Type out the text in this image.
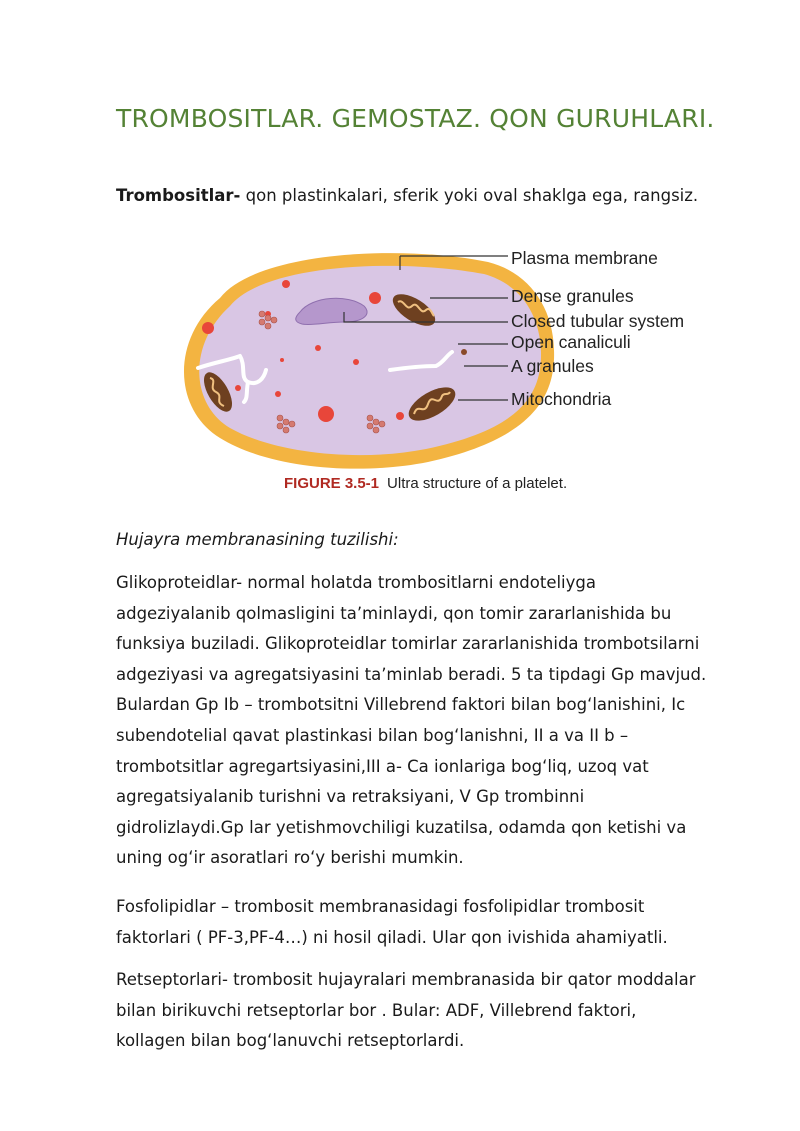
TROMBOSITLAR. GEMOSTAZ. QON GURUHLARI.
Trombositlar- qon plastinkalari, sferik yoki oval shaklga ega, rangsiz.
Plasma membrane
Dense granules
Closed tubular system
Open canaliculi
A granules
Mitochondria
FIGURE 3.5-1 Ultra structure of a platelet.
Hujayra membranasining tuzilishi:
Glikoproteidlar- normal holatda trombositlarni endoteliyga
adgeziyalanib qolmasligini taʼminlaydi, qon tomir zararlanishida bu
funksiya buziladi. Glikoproteidlar tomirlar zararlanishida trombotsilarni
adgeziyasi va agregatsiyasini taʼminlab beradi. 5 ta tipdagi Gp mavjud.
Bulardan Gp Ib – trombotsitni Villebrend faktori bilan bogʻlanishini, Ic
subendotelial qavat plastinkasi bilan bogʻlanishni, II a va II b –
trombotsitlar agregartsiyasini,III a- Ca ionlariga bogʻliq, uzoq vat
agregatsiyalanib turishni va retraksiyani, V Gp trombinni
gidrolizlaydi.Gp lar yetishmovchiligi kuzatilsa, odamda qon ketishi va
uning ogʻir asoratlari roʻy berishi mumkin.
Fosfolipidlar – trombosit membranasidagi fosfolipidlar trombosit
faktorlari ( PF-3,PF-4…) ni hosil qiladi. Ular qon ivishida ahamiyatli.
Retseptorlari- trombosit hujayralari membranasida bir qator moddalar
bilan birikuvchi retseptorlar bor . Bular: ADF, Villebrend faktori,
kollagen bilan bogʻlanuvchi retseptorlardi.
